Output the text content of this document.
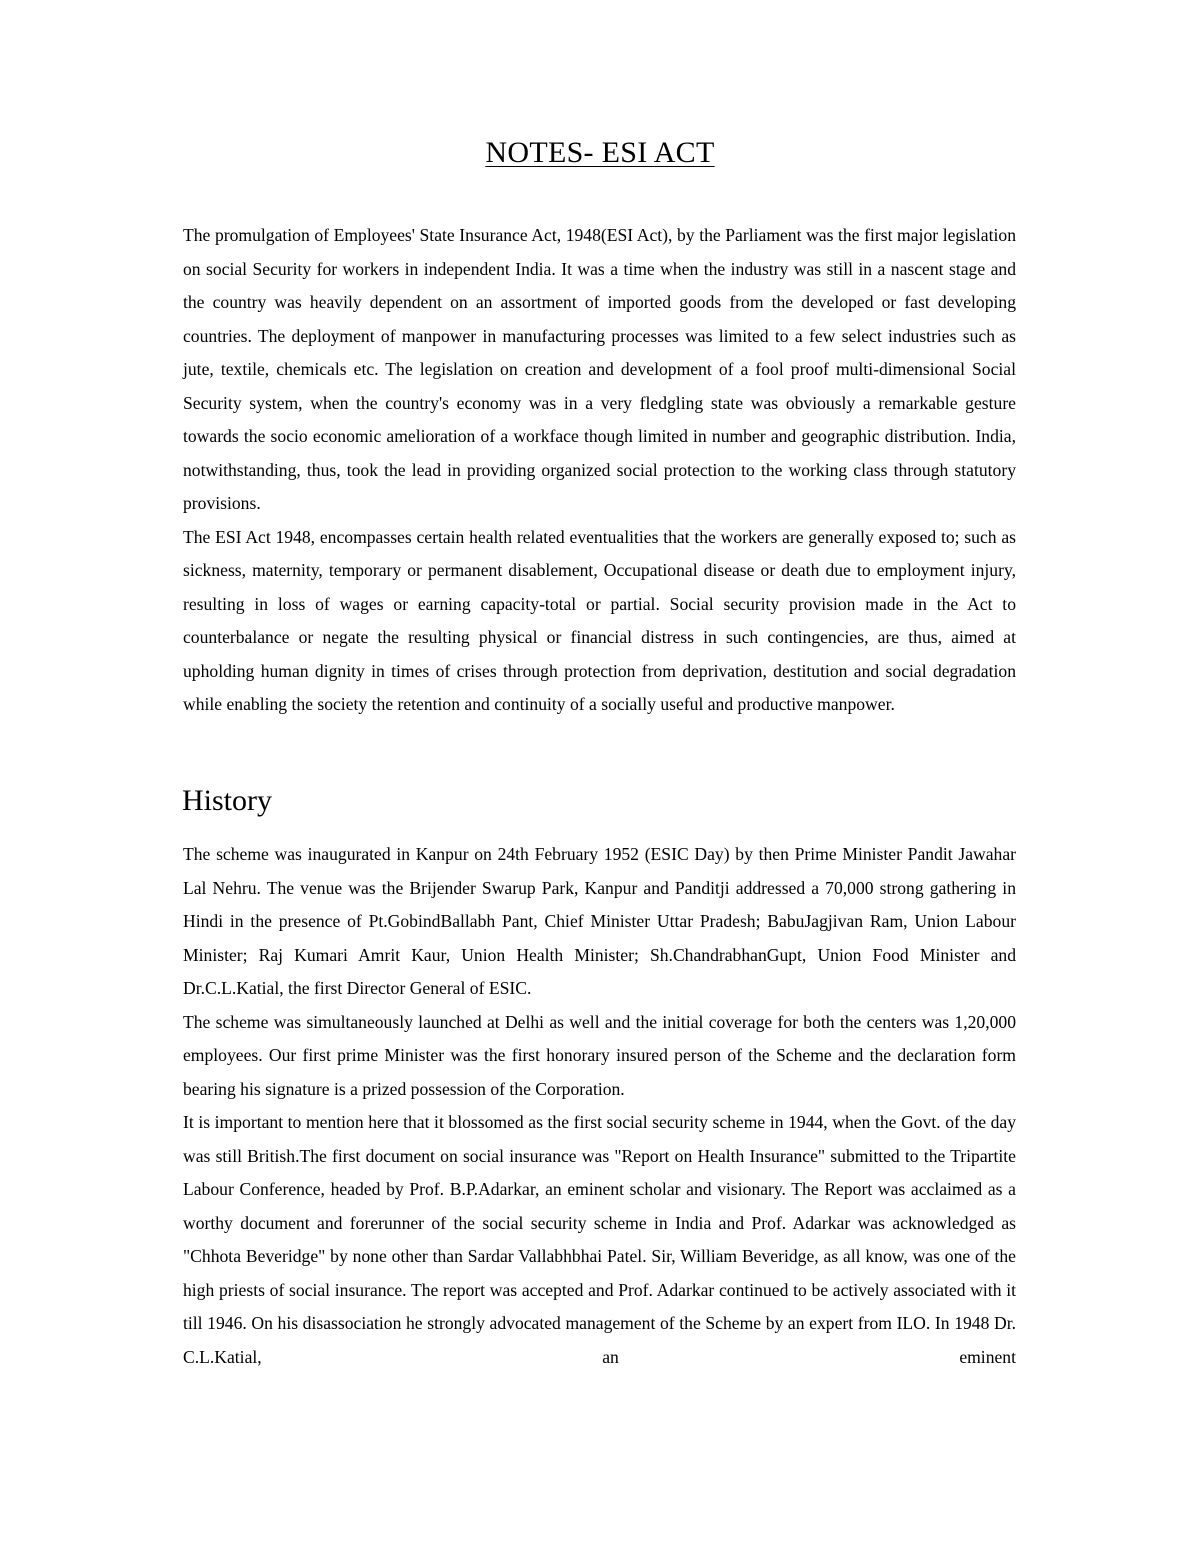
NOTES- ESI ACT

The promulgation of Employees' State Insurance Act, 1948(ESI Act), by the Parliament was the first major legislation on social Security for workers in independent India. It was a time when the industry was still in a nascent stage and the country was heavily dependent on an assortment of imported goods from the developed or fast developing countries. The deployment of manpower in manufacturing processes was limited to a few select industries such as jute, textile, chemicals etc. The legislation on creation and development of a fool proof multi-dimensional Social Security system, when the country's economy was in a very fledgling state was obviously a remarkable gesture towards the socio economic amelioration of a workface though limited in number and geographic distribution. India, notwithstanding, thus, took the lead in providing organized social protection to the working class through statutory provisions.

The ESI Act 1948, encompasses certain health related eventualities that the workers are generally exposed to; such as sickness, maternity, temporary or permanent disablement, Occupational disease or death due to employment injury, resulting in loss of wages or earning capacity-total or partial. Social security provision made in the Act to counterbalance or negate the resulting physical or financial distress in such contingencies, are thus, aimed at upholding human dignity in times of crises through protection from deprivation, destitution and social degradation while enabling the society the retention and continuity of a socially useful and productive manpower.

History

The scheme was inaugurated in Kanpur on 24th February 1952 (ESIC Day) by then Prime Minister Pandit Jawahar Lal Nehru. The venue was the Brijender Swarup Park, Kanpur and Panditji addressed a 70,000 strong gathering in Hindi in the presence of Pt.GobindBallabh Pant, Chief Minister Uttar Pradesh; BabuJagjivan Ram, Union Labour Minister; Raj Kumari Amrit Kaur, Union Health Minister; Sh.ChandrabhanGupt, Union Food Minister and Dr.C.L.Katial, the first Director General of ESIC.

The scheme was simultaneously launched at Delhi as well and the initial coverage for both the centers was 1,20,000 employees. Our first prime Minister was the first honorary insured person of the Scheme and the declaration form bearing his signature is a prized possession of the Corporation.

It is important to mention here that it blossomed as the first social security scheme in 1944, when the Govt. of the day was still British.The first document on social insurance was "Report on Health Insurance" submitted to the Tripartite Labour Conference, headed by Prof. B.P.Adarkar, an eminent scholar and visionary. The Report was acclaimed as a worthy document and forerunner of the social security scheme in India and Prof. Adarkar was acknowledged as "Chhota Beveridge" by none other than Sardar Vallabhbhai Patel. Sir, William Beveridge, as all know, was one of the high priests of social insurance. The report was accepted and Prof. Adarkar continued to be actively associated with it till 1946. On his disassociation he strongly advocated management of the Scheme by an expert from ILO. In 1948 Dr. C.L.Katial, an eminent
